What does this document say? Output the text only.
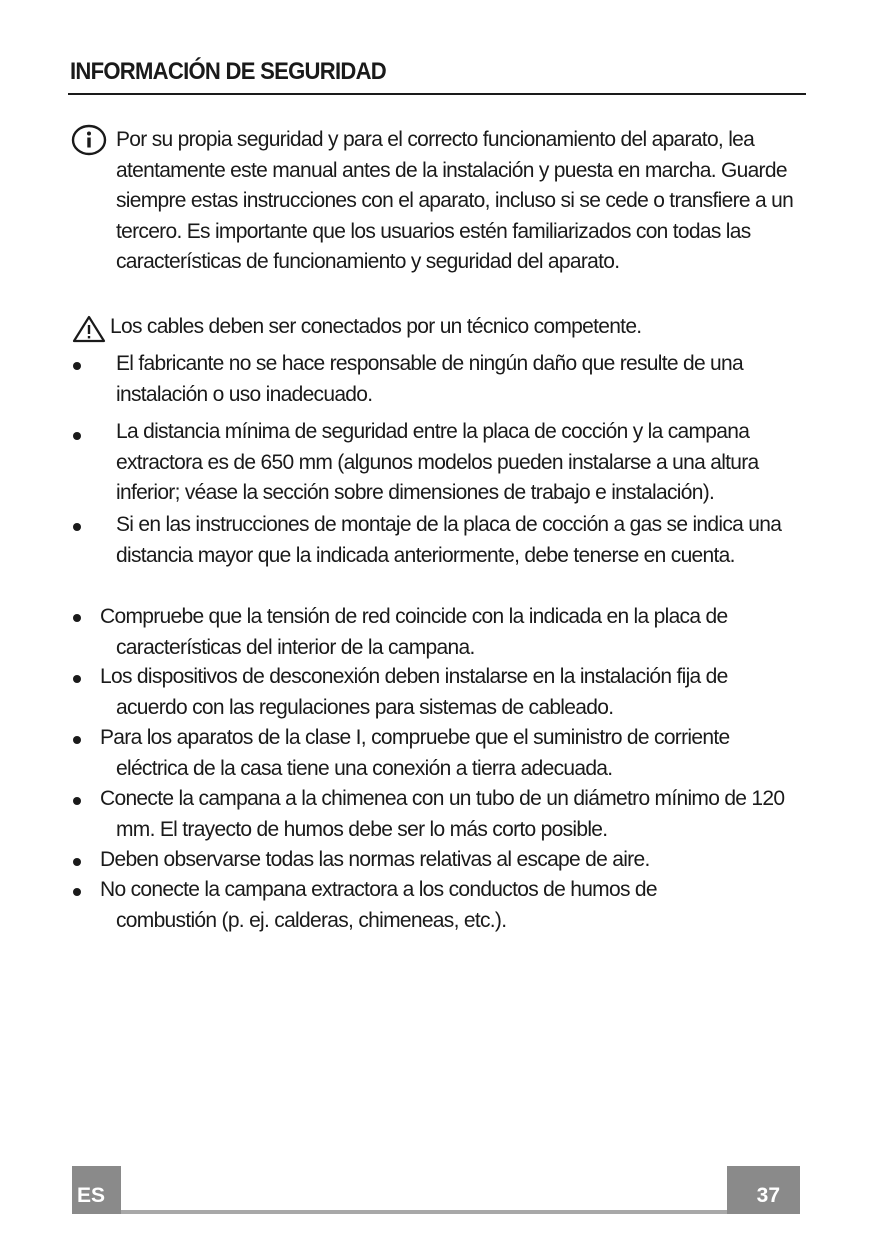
INFORMACIÓN DE SEGURIDAD
Por su propia seguridad y para el correcto funcionamiento del aparato, lea atentamente este manual antes de la instalación y puesta en marcha. Guarde siempre estas instrucciones con el aparato, incluso si se cede o transfiere a un tercero. Es importante que los usuarios estén familiarizados con todas las características de funcionamiento y seguridad del aparato.
Los cables deben ser conectados por un técnico competente.
El fabricante no se hace responsable de ningún daño que resulte de una instalación o uso inadecuado.
La distancia mínima de seguridad entre la placa de cocción y la campana extractora es de 650 mm (algunos modelos pueden instalarse a una altura inferior; véase la sección sobre dimensiones de trabajo e instalación).
Si en las instrucciones de montaje de la placa de cocción a gas se indica una distancia mayor que la indicada anteriormente, debe tenerse en cuenta.
Compruebe que la tensión de red coincide con la indicada en la placa de características del interior de la campana.
Los dispositivos de desconexión deben instalarse en la instalación fija de acuerdo con las regulaciones para sistemas de cableado.
Para los aparatos de la clase I, compruebe que el suministro de corriente eléctrica de la casa tiene una conexión a tierra adecuada.
Conecte la campana a la chimenea con un tubo de un diámetro mínimo de 120 mm. El trayecto de humos debe ser lo más corto posible.
Deben observarse todas las normas relativas al escape de aire.
No conecte la campana extractora a los conductos de humos de combustión (p. ej. calderas, chimeneas, etc.).
ES	37
